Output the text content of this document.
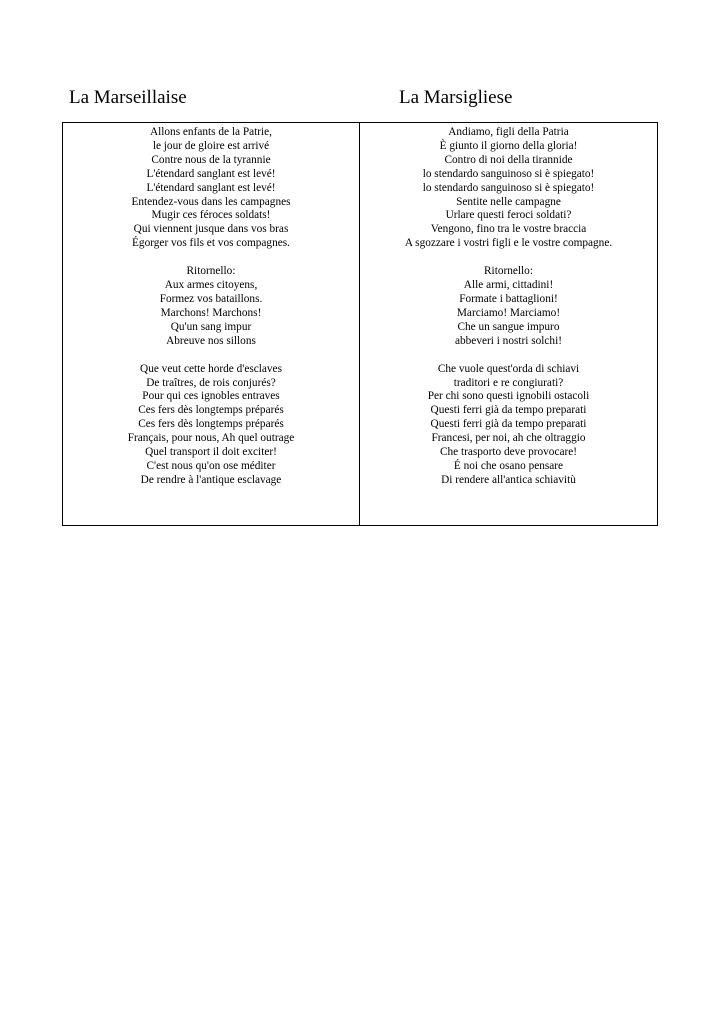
La Marseillaise	La Marsigliese
Allons enfants de la Patrie,
le jour de gloire est arrivé
Contre nous de la tyrannie
L'étendard sanglant est levé!
L'étendard sanglant est levé!
Entendez-vous dans les campagnes
Mugir ces féroces soldats!
Qui viennent jusque dans vos bras
Égorger vos fils et vos compagnes.
Ritornello:
Aux armes citoyens,
Formez vos bataillons.
Marchons! Marchons!
Qu'un sang impur
Abreuve nos sillons
Que veut cette horde d'esclaves
De traîtres, de rois conjurés?
Pour qui ces ignobles entraves
Ces fers dès longtemps préparés
Ces fers dès longtemps préparés
Français, pour nous, Ah quel outrage
Quel transport il doit exciter!
C'est nous qu'on ose méditer
De rendre à l'antique esclavage
Andiamo, figli della Patria
È giunto il giorno della gloria!
Contro di noi della tirannide
lo stendardo sanguinoso si è spiegato!
lo stendardo sanguinoso si è spiegato!
Sentite nelle campagne
Urlare questi feroci soldati?
Vengono, fino tra le vostre braccia
A sgozzare i vostri figli e le vostre compagne.
Ritornello:
Alle armi, cittadini!
Formate i battaglioni!
Marciamo! Marciamo!
Che un sangue impuro
abbeveri i nostri solchi!
Che vuole quest'orda di schiavi
traditori e re congiurati?
Per chi sono questi ignobili ostacoli
Questi ferri già da tempo preparati
Questi ferri già da tempo preparati
Francesi, per noi, ah che oltraggio
Che trasporto deve provocare!
É noi che osano pensare
Di rendere all'antica schiavitù
